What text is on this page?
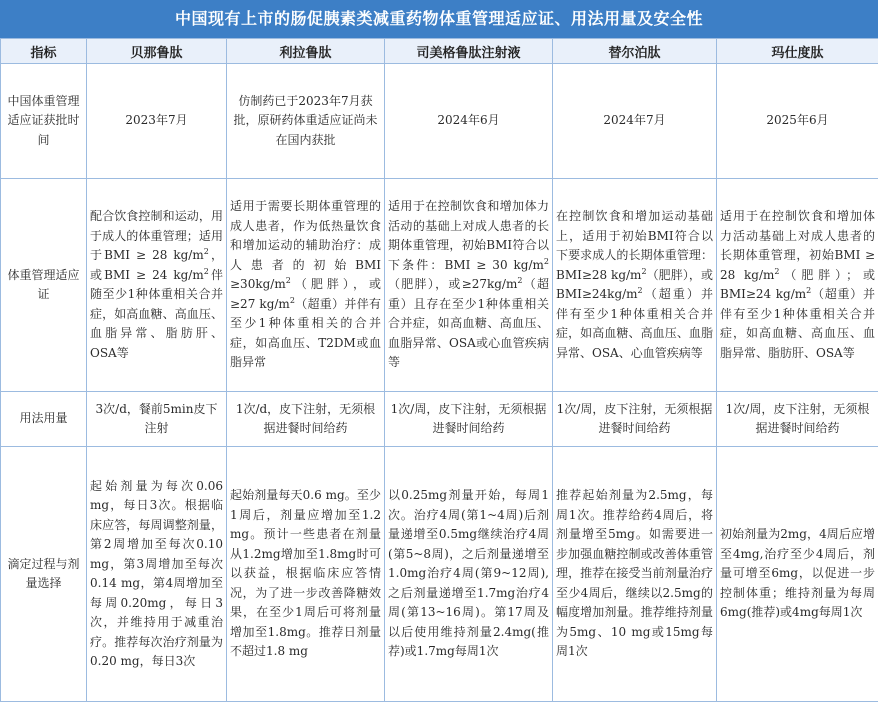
中国现有上市的肠促胰素类减重药物体重管理适应证、用法用量及安全性
指标	贝那鲁肽	利拉鲁肽	司美格鲁肽注射液	替尔泊肽	玛仕度肽
中国体重管理适应证获批时间	2023年7月	仿制药已于2023年7月获批，原研药体重适应证尚未在国内获批	2024年6月	2024年7月	2025年6月
体重管理适应证	配合饮食控制和运动，用于成人的体重管理；适用于BMI ≥ 28 $kg/m^2$，或BMI ≥ 24 $kg/m^2$伴随至少1种体重相关合并症，如高血糖、高血压、血脂异常、脂肪肝、OSA等	适用于需要长期体重管理的成人患者，作为低热量饮食和增加运动的辅助治疗：成人患者的初始BMI $\ge 30kg/m^2$（肥胖），或≥27 $kg/m^2$（超重）并伴有至少1种体重相关的合并症，如高血压、T2DM或血脂异常	适用于在控制饮食和增加体力活动的基础上对成人患者的长期体重管理，初始BMI符合以下条件：BMI ≥ 30 $kg/m^2$（肥胖），或$\ge 27kg/m^2$（超重）且存在至少1种体重相关合并症，如高血糖、高血压、血脂异常、OSA或心血管疾病等	在控制饮食和增加运动基础上，适用于初始BMI符合以下要求成人的长期体重管理：BMI≥28 $kg/m^2$（肥胖），或$BMI\ge 24kg/m^2$（超重）并伴有至少1种体重相关合并症，如高血糖、高血压、血脂异常、OSA、心血管疾病等	适用于在控制饮食和增加体力活动基础上对成人患者的长期体重管理，初始BMI ≥ 28 $kg/m^2$（肥胖）；或BMI≥24 $kg/m^2$（超重）并伴有至少1种体重相关合并症，如高血糖、高血压、血脂异常、脂肪肝、OSA等
用法用量	3次/d，餐前5min皮下注射	1次/d，皮下注射，无须根据进餐时间给药	1次/周，皮下注射，无须根据进餐时间给药	1次/周，皮下注射，无须根据进餐时间给药	1次/周，皮下注射，无须根据进餐时间给药
滴定过程与剂量选择	起始剂量为每次0.06 mg，每日3次。根据临床应答，每周调整剂量，第2周增加至每次0.10 mg，第3周增加至每次0.14 mg，第4周增加至每周0.20mg，每日3次，并维持用于减重治疗。推荐每次治疗剂量为0.20 mg，每日3次	起始剂量每天0.6 mg。至少1周后，剂量应增加至1.2 mg。预计一些患者在剂量从1.2mg增加至1.8mg时可以获益，根据临床应答情况，为了进一步改善降糖效果，在至少1周后可将剂量增加至1.8mg。推荐日剂量不超过1.8 mg	以0.25mg剂量开始，每周1次。治疗4周(第1~4周)后剂量递增至0.5mg继续治疗4周(第5~8周)，之后剂量递增至1.0mg治疗4周(第9~12周),之后剂量递增至1.7mg治疗4周(第13~16周)。第17周及以后使用维持剂量2.4mg(推荐)或1.7mg每周1次	推荐起始剂量为2.5mg，每周1次。推荐给药4周后，将剂量增至5mg。如需要进一步加强血糖控制或改善体重管理，推荐在接受当前剂量治疗至少4周后，继续以2.5mg的幅度增加剂量。推荐维持剂量为5mg、10 mg或15mg每周1次	初始剂量为2mg，4周后应增至4mg,治疗至少4周后，剂量可增至6mg，以促进一步控制体重；维持剂量为每周6mg(推荐)或4mg每周1次
